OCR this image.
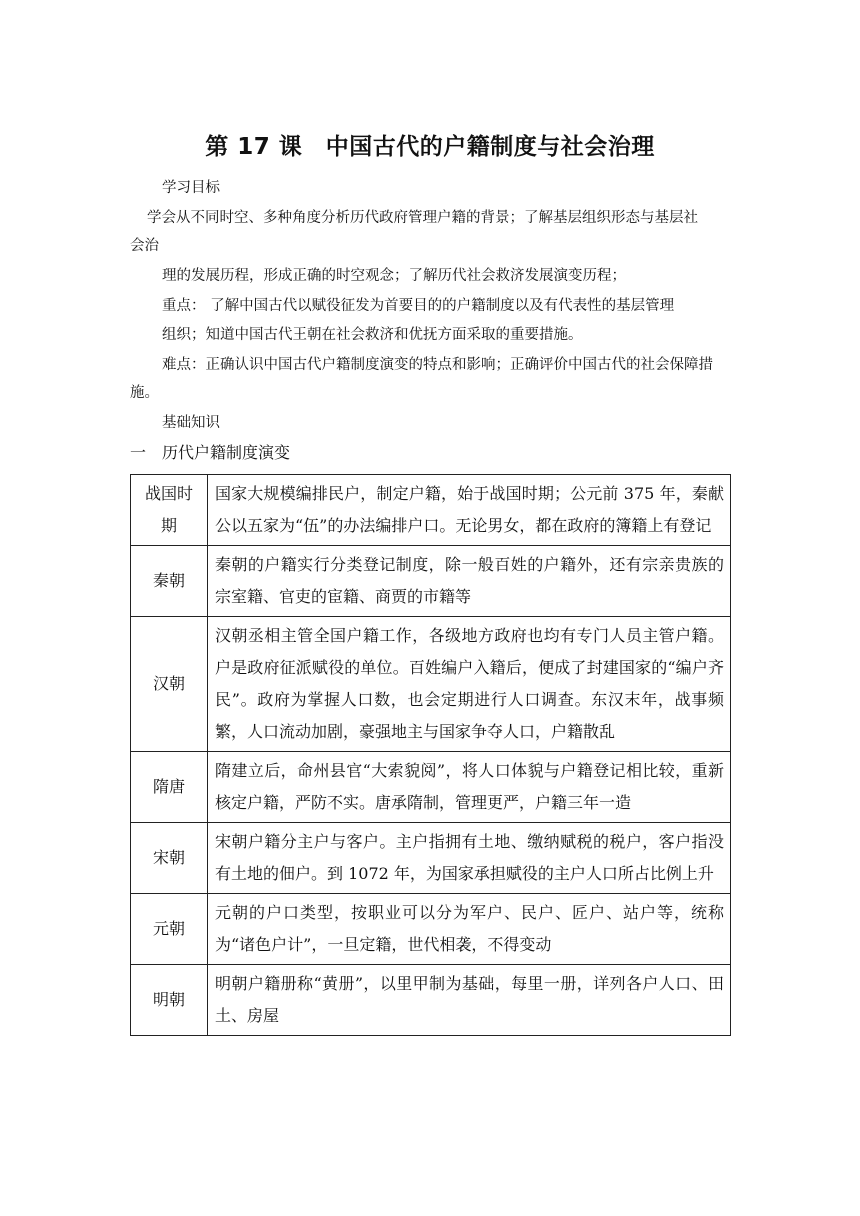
第 17 课　中国古代的户籍制度与社会治理
学习目标
学会从不同时空、多种角度分析历代政府管理户籍的背景；了解基层组织形态与基层社
会治
理的发展历程，形成正确的时空观念；了解历代社会救济发展演变历程；
重点： 了解中国古代以赋役征发为首要目的的户籍制度以及有代表性的基层管理
组织；知道中国古代王朝在社会救济和优抚方面采取的重要措施。
难点：正确认识中国古代户籍制度演变的特点和影响；正确评价中国古代的社会保障措
施。
基础知识
一　历代户籍制度演变
战国时期	国家大规模编排民户，制定户籍，始于战国时期；公元前 375 年，秦献公以五家为“伍”的办法编排户口。无论男女，都在政府的簿籍上有登记
秦朝	秦朝的户籍实行分类登记制度，除一般百姓的户籍外，还有宗亲贵族的宗室籍、官吏的宦籍、商贾的市籍等
汉朝	汉朝丞相主管全国户籍工作，各级地方政府也均有专门人员主管户籍。户是政府征派赋役的单位。百姓编户入籍后，便成了封建国家的“编户齐民”。政府为掌握人口数，也会定期进行人口调查。东汉末年，战事频繁，人口流动加剧，豪强地主与国家争夺人口，户籍散乱
隋唐	隋建立后，命州县官“大索貌阅”，将人口体貌与户籍登记相比较，重新核定户籍，严防不实。唐承隋制，管理更严，户籍三年一造
宋朝	宋朝户籍分主户与客户。主户指拥有土地、缴纳赋税的税户，客户指没有土地的佃户。到 1072 年，为国家承担赋役的主户人口所占比例上升
元朝	元朝的户口类型，按职业可以分为军户、民户、匠户、站户等，统称为“诸色户计”，一旦定籍，世代相袭，不得变动
明朝	明朝户籍册称“黄册”，以里甲制为基础，每里一册，详列各户人口、田土、房屋
